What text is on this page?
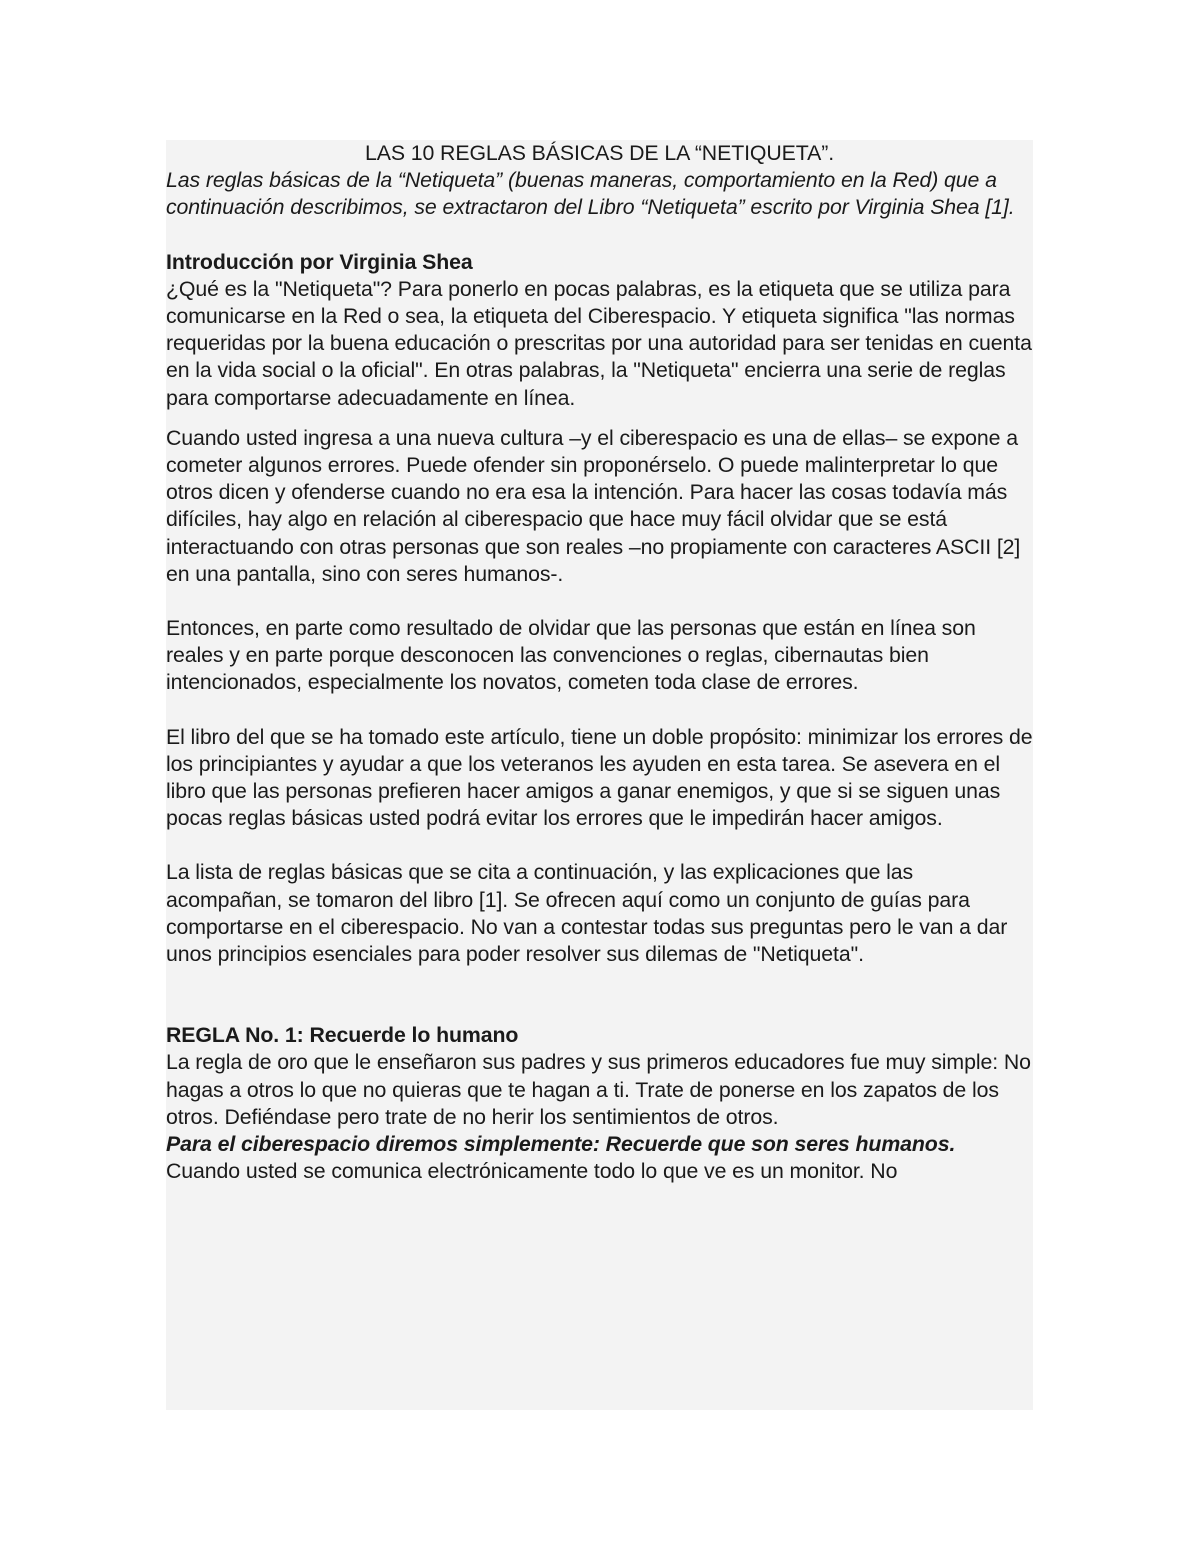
LAS 10 REGLAS BÁSICAS DE LA “NETIQUETA”.

Las reglas básicas de la “Netiqueta” (buenas maneras, comportamiento en la Red) que a continuación describimos, se extractaron del Libro “Netiqueta” escrito por Virginia Shea [1].

Introducción por Virginia Shea

¿Qué es la "Netiqueta"? Para ponerlo en pocas palabras, es la etiqueta que se utiliza para comunicarse en la Red o sea, la etiqueta del Ciberespacio. Y etiqueta significa "las normas requeridas por la buena educación o prescritas por una autoridad para ser tenidas en cuenta en la vida social o la oficial". En otras palabras, la "Netiqueta" encierra una serie de reglas para comportarse adecuadamente en línea.

Cuando usted ingresa a una nueva cultura –y el ciberespacio es una de ellas– se expone a cometer algunos errores. Puede ofender sin proponérselo. O puede malinterpretar lo que otros dicen y ofenderse cuando no era esa la intención. Para hacer las cosas todavía más difíciles, hay algo en relación al ciberespacio que hace muy fácil olvidar que se está interactuando con otras personas que son reales –no propiamente con caracteres ASCII [2] en una pantalla, sino con seres humanos-.

Entonces, en parte como resultado de olvidar que las personas que están en línea son reales y en parte porque desconocen las convenciones o reglas, cibernautas bien intencionados, especialmente los novatos, cometen toda clase de errores.

El libro del que se ha tomado este artículo, tiene un doble propósito: minimizar los errores de los principiantes y ayudar a que los veteranos les ayuden en esta tarea. Se asevera en el libro que las personas prefieren hacer amigos a ganar enemigos, y que si se siguen unas pocas reglas básicas usted podrá evitar los errores que le impedirán hacer amigos.

La lista de reglas básicas que se cita a continuación, y las explicaciones que las acompañan, se tomaron del libro [1]. Se ofrecen aquí como un conjunto de guías para comportarse en el ciberespacio. No van a contestar todas sus preguntas pero le van a dar unos principios esenciales para poder resolver sus dilemas de "Netiqueta".

REGLA No. 1: Recuerde lo humano

La regla de oro que le enseñaron sus padres y sus primeros educadores fue muy simple: No hagas a otros lo que no quieras que te hagan a ti. Trate de ponerse en los zapatos de los otros. Defiéndase pero trate de no herir los sentimientos de otros.

Para el ciberespacio diremos simplemente: Recuerde que son seres humanos.

Cuando usted se comunica electrónicamente todo lo que ve es un monitor. No
